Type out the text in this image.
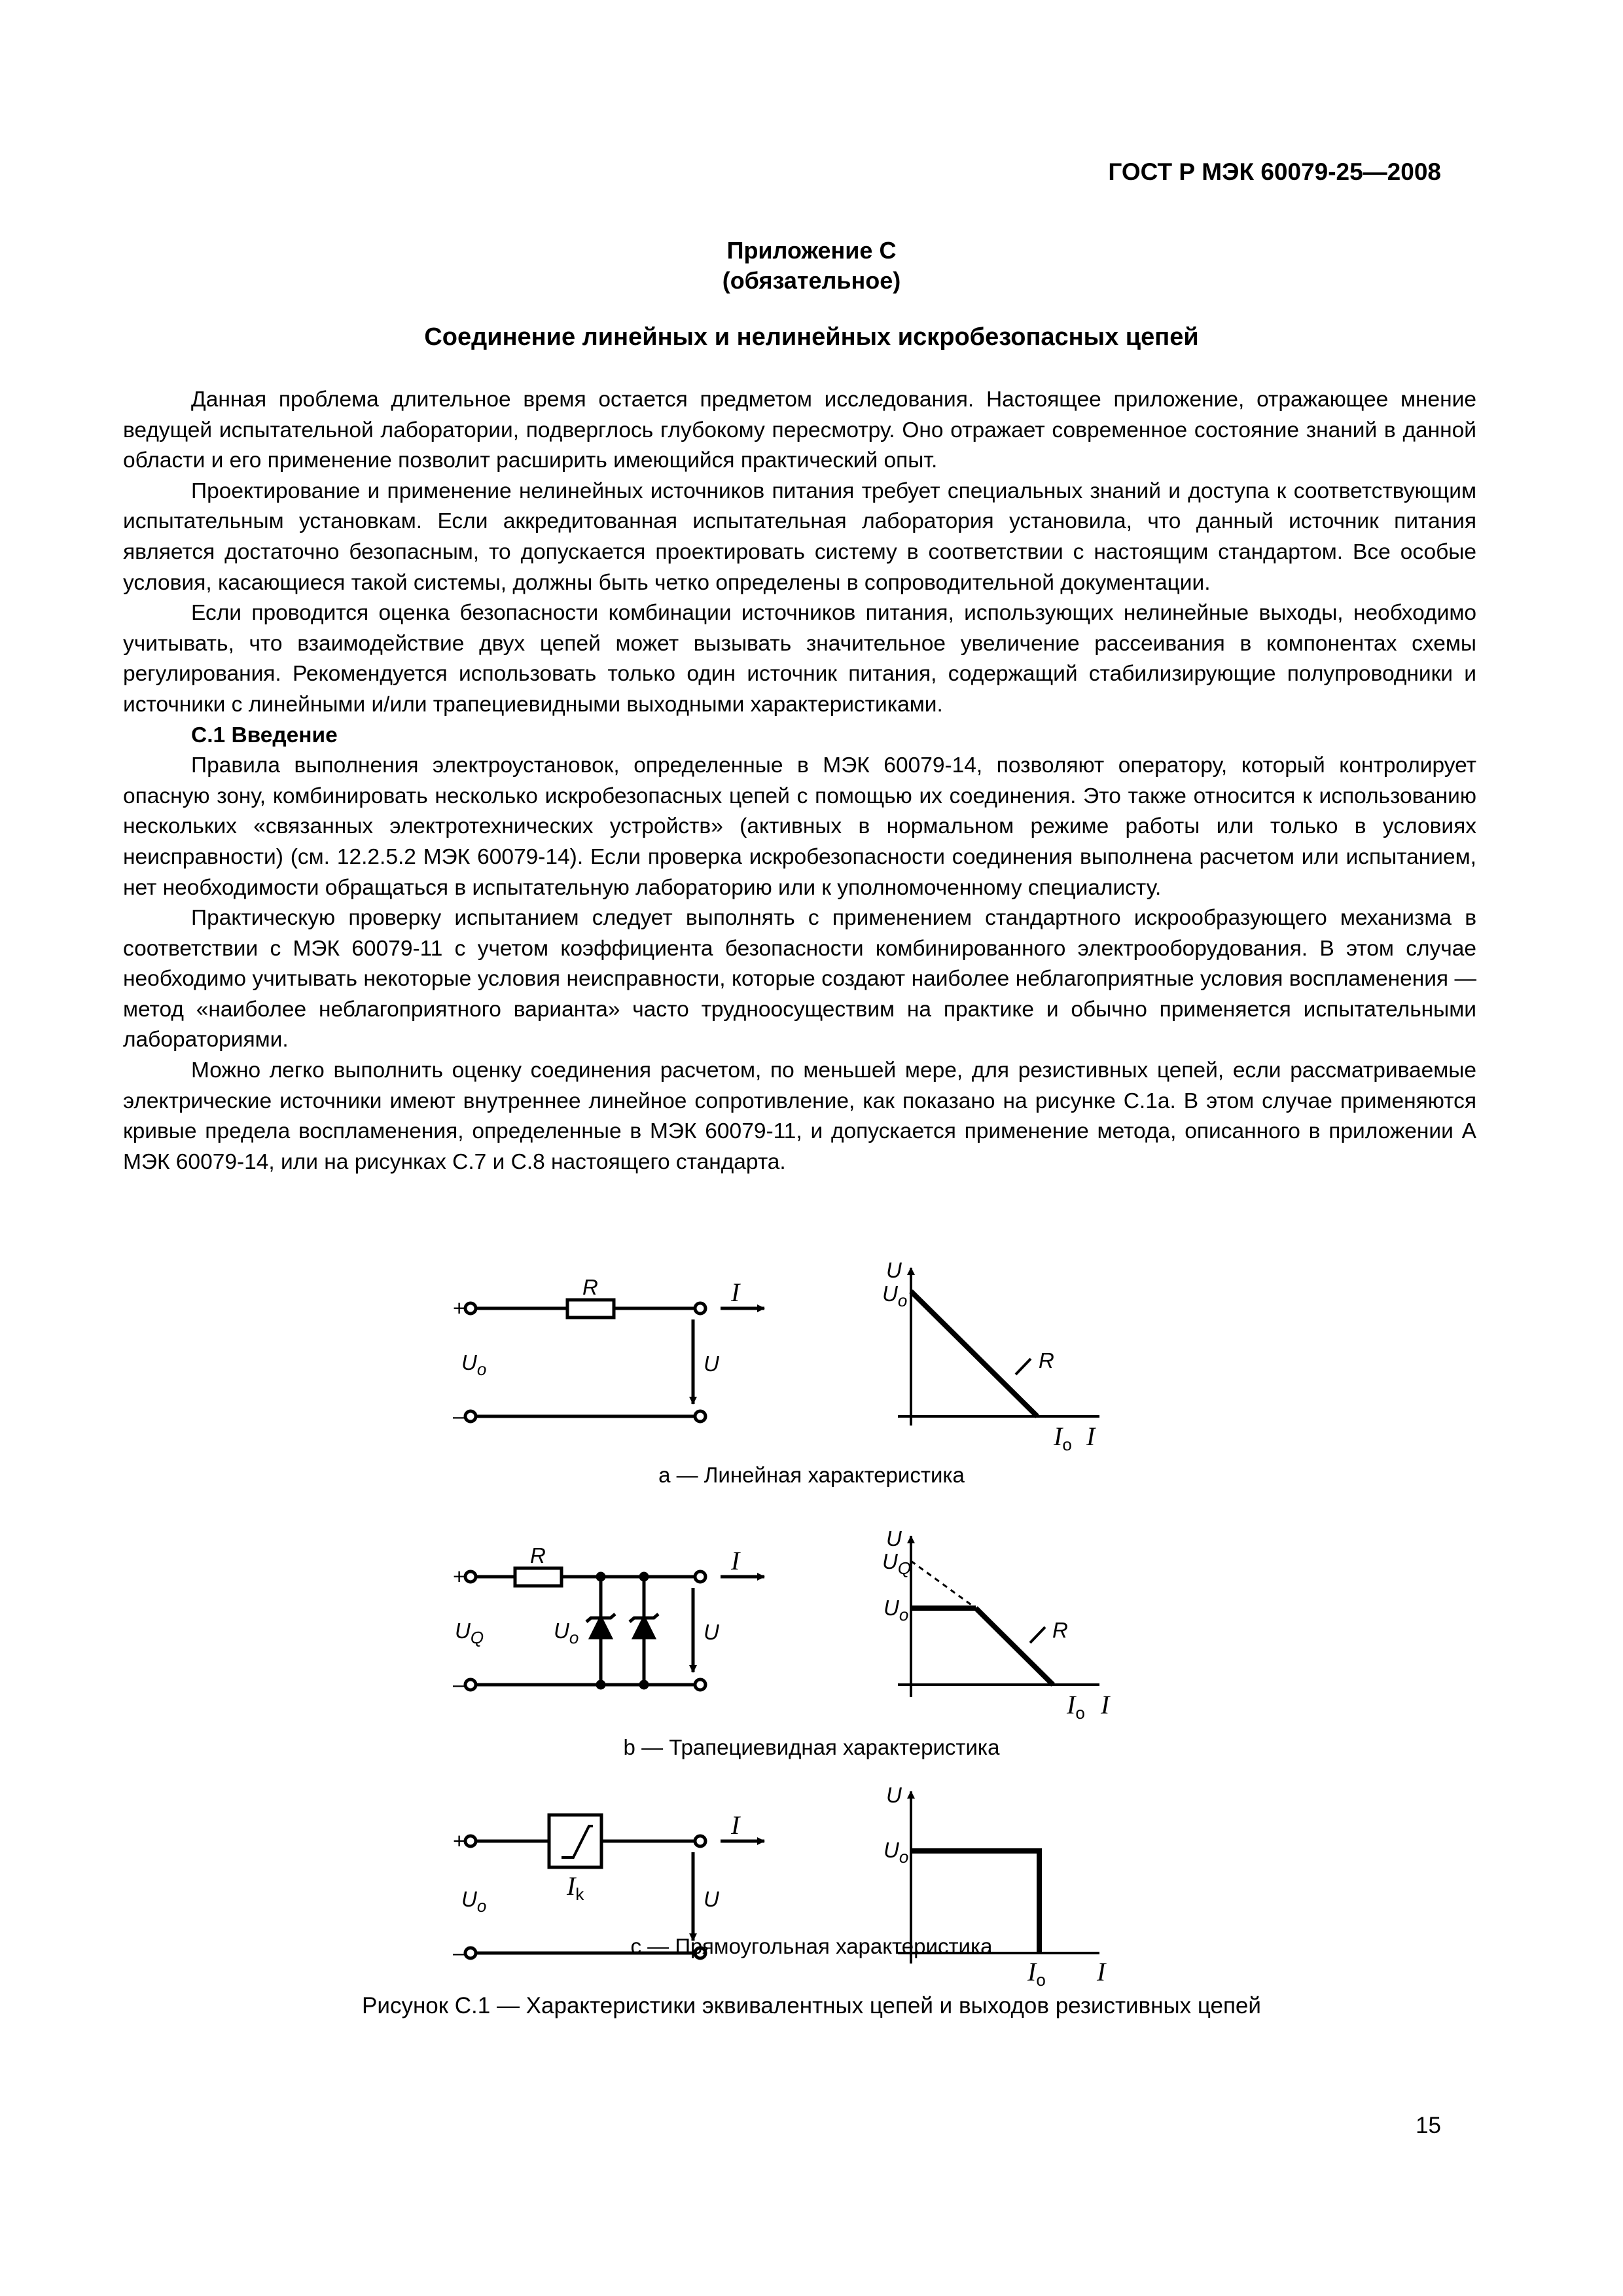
ГОСТ Р МЭК 60079-25—2008
Приложение С
(обязательное)
Соединение линейных и нелинейных искробезопасных цепей

Данная проблема длительное время остается предметом исследования. Настоящее приложение, отражающее мнение ведущей испытательной лаборатории, подверглось глубокому пересмотру. Оно отражает современное состояние знаний в данной области и его применение позволит расширить имеющийся практический опыт.

Проектирование и применение нелинейных источников питания требует специальных знаний и доступа к соответствующим испытательным установкам. Если аккредитованная испытательная лаборатория установила, что данный источник питания является достаточно безопасным, то допускается проектировать систему в соответствии с настоящим стандартом. Все особые условия, касающиеся такой системы, должны быть четко определены в сопроводительной документации.

Если проводится оценка безопасности комбинации источников питания, использующих нелинейные выходы, необходимо учитывать, что взаимодействие двух цепей может вызывать значительное увеличение рассеивания в компонентах схемы регулирования. Рекомендуется использовать только один источник питания, содержащий стабилизирующие полупроводники и источники с линейными и/или трапециевидными выходными характеристиками.

С.1 Введение

Правила выполнения электроустановок, определенные в МЭК 60079-14, позволяют оператору, который контролирует опасную зону, комбинировать несколько искробезопасных цепей с помощью их соединения. Это также относится к использованию нескольких «связанных электротехнических устройств» (активных в нормальном режиме работы или только в условиях неисправности) (см. 12.2.5.2 МЭК 60079-14). Если проверка искробезопасности соединения выполнена расчетом или испытанием, нет необходимости обращаться в испытательную лабораторию или к уполномоченному специалисту.

Практическую проверку испытанием следует выполнять с применением стандартного искрообразующего механизма в соответствии с МЭК 60079-11 с учетом коэффициента безопасности комбинированного электрооборудования. В этом случае необходимо учитывать некоторые условия неисправности, которые создают наиболее неблагоприятные условия воспламенения — метод «наиболее неблагоприятного варианта» часто трудноосуществим на практике и обычно применяется испытательными лабораториями.

Можно легко выполнить оценку соединения расчетом, по меньшей мере, для резистивных цепей, если рассматриваемые электрические источники имеют внутреннее линейное сопротивление, как показано на рисунке С.1а. В этом случае применяются кривые предела воспламенения, определенные в МЭК 60079-11, и допускается применение метода, описанного в приложении А МЭК 60079-14, или на рисунках С.7 и С.8 настоящего стандарта.

+
–
R	I
U
$U_o$
U
$U_o$
R
$I_o$ I
+
–
R	I
U
$U_Q$	$U_o$
U
$U_Q$
$U_o$
R
$I_o$ I
+
–
I
U
$U_o$
$I_k$
U
$U_o$
$I_o$ I
а — Линейная характеристика
b — Трапециевидная характеристика
с — Прямоугольная характеристика
Рисунок С.1 — Характеристики эквивалентных цепей и выходов резистивных цепей
15
